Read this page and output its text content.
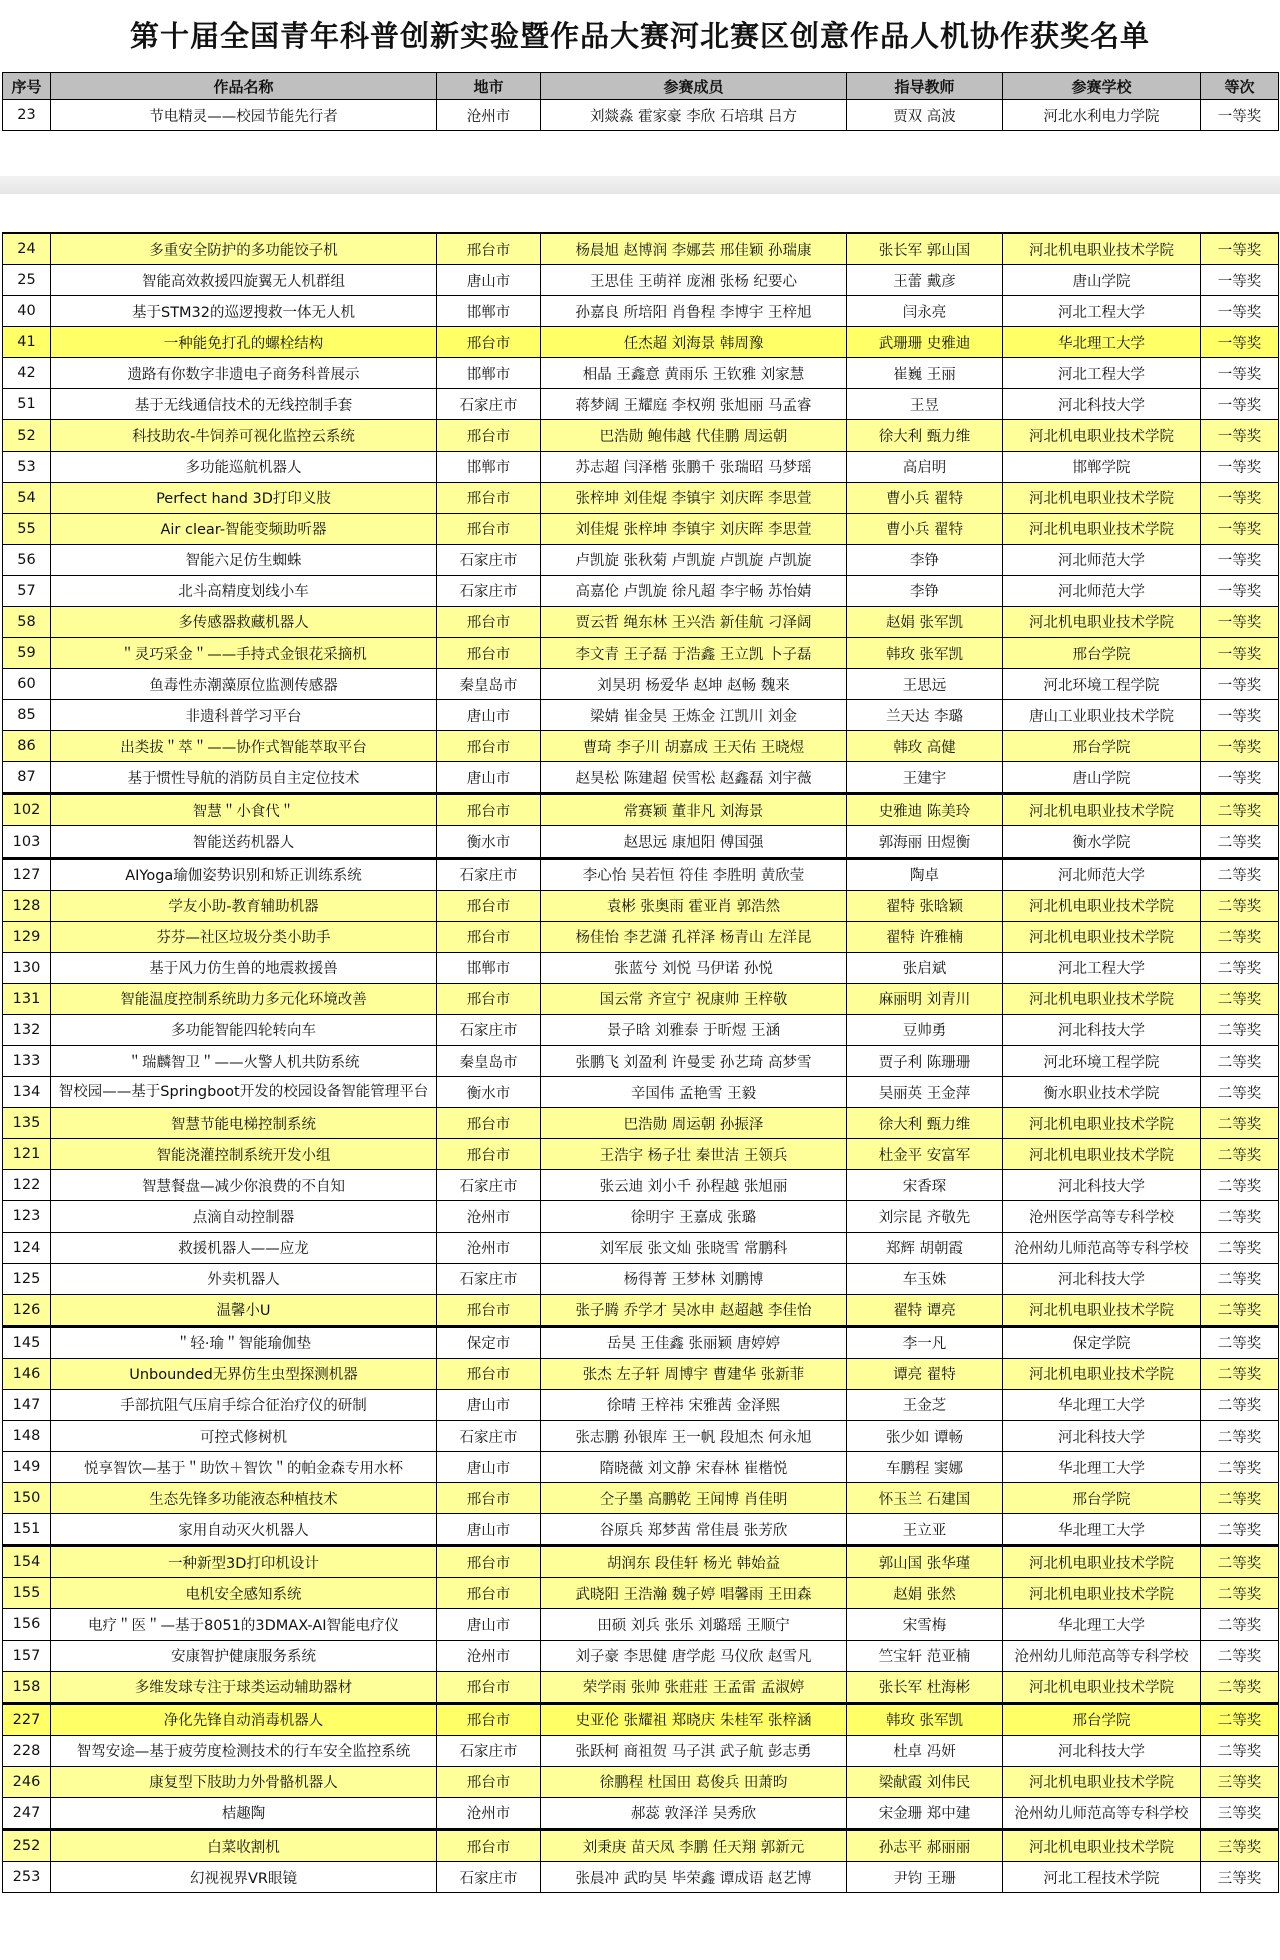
第十届全国青年科普创新实验暨作品大赛河北赛区创意作品人机协作获奖名单
序号	作品名称	地市	参赛成员	指导教师	参赛学校	等次
23	节电精灵——校园节能先行者	沧州市	刘燚淼 霍家豪 李欣 石培琪 吕方	贾双 高波	河北水利电力学院	一等奖
24	多重安全防护的多功能饺子机	邢台市	杨晨旭 赵博润 李娜芸 邢佳颖 孙瑞康	张长军 郭山国	河北机电职业技术学院	一等奖
25	智能高效救援四旋翼无人机群组	唐山市	王思佳 王萌祥 庞湘 张杨 纪要心	王蕾 戴彦	唐山学院	一等奖
40	基于STM32的巡逻搜救一体无人机	邯郸市	孙嘉良 所培阳 肖鲁程 李博宇 王梓旭	闫永亮	河北工程大学	一等奖
41	一种能免打孔的螺栓结构	邢台市	任杰超 刘海景 韩周豫	武珊珊 史雅迪	华北理工大学	一等奖
42	遗路有你数字非遗电子商务科普展示	邯郸市	相晶 王鑫意 黄雨乐 王钦雅 刘家慧	崔巍 王丽	河北工程大学	一等奖
51	基于无线通信技术的无线控制手套	石家庄市	蒋梦阔 王耀庭 李权朔 张旭丽 马孟睿	王昱	河北科技大学	一等奖
52	科技助农-牛饲养可视化监控云系统	邢台市	巴浩勋 鲍伟越 代佳鹏 周运朝	徐大利 甄力维	河北机电职业技术学院	一等奖
53	多功能巡航机器人	邯郸市	苏志超 闫泽楷 张鹏千 张瑞昭 马梦瑶	高启明	邯郸学院	一等奖
54	Perfect hand 3D打印义肢	邢台市	张梓坤 刘佳焜 李镇宇 刘庆晖 李思萱	曹小兵 翟特	河北机电职业技术学院	一等奖
55	Air clear-智能变频助听器	邢台市	刘佳焜 张梓坤 李镇宇 刘庆晖 李思萱	曹小兵 翟特	河北机电职业技术学院	一等奖
56	智能六足仿生蜘蛛	石家庄市	卢凯旋 张秋菊 卢凯旋 卢凯旋 卢凯旋	李铮	河北师范大学	一等奖
57	北斗高精度划线小车	石家庄市	高嘉伦 卢凯旋 徐凡超 李宇畅 苏怡婧	李铮	河北师范大学	一等奖
58	多传感器救藏机器人	邢台市	贾云哲 绳东林 王兴浩 新佳航 刁泽阔	赵娟 张军凯	河北机电职业技术学院	一等奖
59	＂灵巧采金＂——手持式金银花采摘机	邢台市	李文青 王子磊 于浩鑫 王立凯 卜子磊	韩玫 张军凯	邢台学院	一等奖
60	鱼毒性赤潮藻原位监测传感器	秦皇岛市	刘昊玥 杨爱华 赵坤 赵畅 魏来	王思远	河北环境工程学院	一等奖
85	非遗科普学习平台	唐山市	梁婧 崔金昊 王炼金 江凯川 刘金	兰天达 李璐	唐山工业职业技术学院	一等奖
86	出类拔＂萃＂——协作式智能萃取平台	邢台市	曹琦 李子川 胡嘉成 王天佑 王晓煜	韩玫 高健	邢台学院	一等奖
87	基于惯性导航的消防员自主定位技术	唐山市	赵昊松 陈建超 侯雪松 赵鑫磊 刘宇薇	王建宇	唐山学院	一等奖
102	智慧＂小食代＂	邢台市	常赛颖 董非凡 刘海景	史雅迪 陈美玲	河北机电职业技术学院	二等奖
103	智能送药机器人	衡水市	赵思远 康旭阳 傅国强	郭海丽 田煜衡	衡水学院	二等奖
127	AIYoga瑜伽姿势识别和矫正训练系统	石家庄市	李心怡 吴若恒 符佳 李胜明 黄欣莹	陶卓	河北师范大学	二等奖
128	学友小助-教育辅助机器	邢台市	袁彬 张奥雨 霍亚肖 郭浩然	翟特 张晗颖	河北机电职业技术学院	二等奖
129	芬芬—社区垃圾分类小助手	邢台市	杨佳怡 李艺潇 孔祥泽 杨青山 左洋昆	翟特 许雅楠	河北机电职业技术学院	二等奖
130	基于风力仿生兽的地震救援兽	邯郸市	张蓝兮 刘悦 马伊诺 孙悦	张启斌	河北工程大学	二等奖
131	智能温度控制系统助力多元化环境改善	邢台市	国云常 齐宣宁 祝康帅 王梓敬	麻丽明 刘青川	河北机电职业技术学院	二等奖
132	多功能智能四轮转向车	石家庄市	景子晗 刘雅泰 于昕煜 王涵	豆帅勇	河北科技大学	二等奖
133	＂瑞麟智卫＂——火警人机共防系统	秦皇岛市	张鹏飞 刘盈利 许曼雯 孙艺琦 高梦雪	贾子利 陈珊珊	河北环境工程学院	二等奖
134	智校园——基于Springboot开发的校园设备智能管理平台	衡水市	辛国伟 孟艳雪 王毅	吴丽英 王金萍	衡水职业技术学院	二等奖
135	智慧节能电梯控制系统	邢台市	巴浩勋 周运朝 孙振泽	徐大利 甄力维	河北机电职业技术学院	二等奖
121	智能浇灌控制系统开发小组	邢台市	王浩宇 杨子壮 秦世洁 王领兵	杜金平 安富军	河北机电职业技术学院	二等奖
122	智慧餐盘—减少你浪费的不自知	石家庄市	张云迪 刘小千 孙程越 张旭丽	宋香琛	河北科技大学	二等奖
123	点滴自动控制器	沧州市	徐明宇 王嘉成 张璐	刘宗昆 齐敬先	沧州医学高等专科学校	二等奖
124	救援机器人——应龙	沧州市	刘军辰 张文灿 张晓雪 常鹏科	郑辉 胡朝霞	沧州幼儿师范高等专科学校	二等奖
125	外卖机器人	石家庄市	杨得菁 王梦林 刘鹏博	车玉姝	河北科技大学	二等奖
126	温馨小U	邢台市	张子腾 乔学才 吴冰申 赵超越 李佳怡	翟特 谭亮	河北机电职业技术学院	二等奖
145	＂轻·瑜＂智能瑜伽垫	保定市	岳昊 王佳鑫 张丽颖 唐婷婷	李一凡	保定学院	二等奖
146	Unbounded无界仿生虫型探测机器	邢台市	张杰 左子轩 周博宇 曹建华 张新菲	谭亮 翟特	河北机电职业技术学院	二等奖
147	手部抗阻气压肩手综合征治疗仪的研制	唐山市	徐晴 王梓祎 宋雅茜 金泽熙	王金芝	华北理工大学	二等奖
148	可控式修树机	石家庄市	张志鹏 孙银库 王一帆 段旭杰 何永旭	张少如 谭畅	河北科技大学	二等奖
149	悦享智饮—基于＂助饮＋智饮＂的帕金森专用水杯	唐山市	隋晓薇 刘文静 宋春林 崔楷悦	车鹏程 窦娜	华北理工大学	二等奖
150	生态先锋多功能液态种植技术	邢台市	仝子墨 高鹏乾 王闻博 肖佳明	怀玉兰 石建国	邢台学院	二等奖
151	家用自动灭火机器人	唐山市	谷原兵 郑梦茜 常佳晨 张芳欣	王立亚	华北理工大学	二等奖
154	一种新型3D打印机设计	邢台市	胡润东 段佳轩 杨光 韩始益	郭山国 张华瑾	河北机电职业技术学院	二等奖
155	电机安全感知系统	邢台市	武晓阳 王浩瀚 魏子婷 唱馨雨 王田森	赵娟 张然	河北机电职业技术学院	二等奖
156	电疗＂医＂—基于8051的3DMAX-AI智能电疗仪	唐山市	田硕 刘兵 张乐 刘璐瑶 王顺宁	宋雪梅	华北理工大学	二等奖
157	安康智护健康服务系统	沧州市	刘子豪 李思健 唐学彪 马仪欣 赵雪凡	竺宝轩 范亚楠	沧州幼儿师范高等专科学校	二等奖
158	多维发球专注于球类运动辅助器材	邢台市	荣学雨 张帅 张莊莊 王孟雷 孟淑婷	张长军 杜海彬	河北机电职业技术学院	二等奖
227	净化先锋自动消毒机器人	邢台市	史亚伦 张耀祖 郑晓庆 朱桂军 张梓涵	韩玫 张军凯	邢台学院	二等奖
228	智驾安途—基于疲劳度检测技术的行车安全监控系统	石家庄市	张跃柯 商祖贺 马子淇 武子航 彭志勇	杜卓 冯妍	河北科技大学	二等奖
246	康复型下肢助力外骨骼机器人	邢台市	徐鹏程 杜国田 葛俊兵 田萧昀	梁献霞 刘伟民	河北机电职业技术学院	三等奖
247	桔趣陶	沧州市	郝蕊 敦泽洋 吴秀欣	宋金珊 郑中建	沧州幼儿师范高等专科学校	三等奖
252	白菜收割机	邢台市	刘秉庚 苗天凤 李鹏 任天翔 郭新元	孙志平 郝丽丽	河北机电职业技术学院	三等奖
253	幻视视界VR眼镜	石家庄市	张晨冲 武昀昊 毕荣鑫 谭成语 赵艺博	尹钧 王珊	河北工程技术学院	三等奖
